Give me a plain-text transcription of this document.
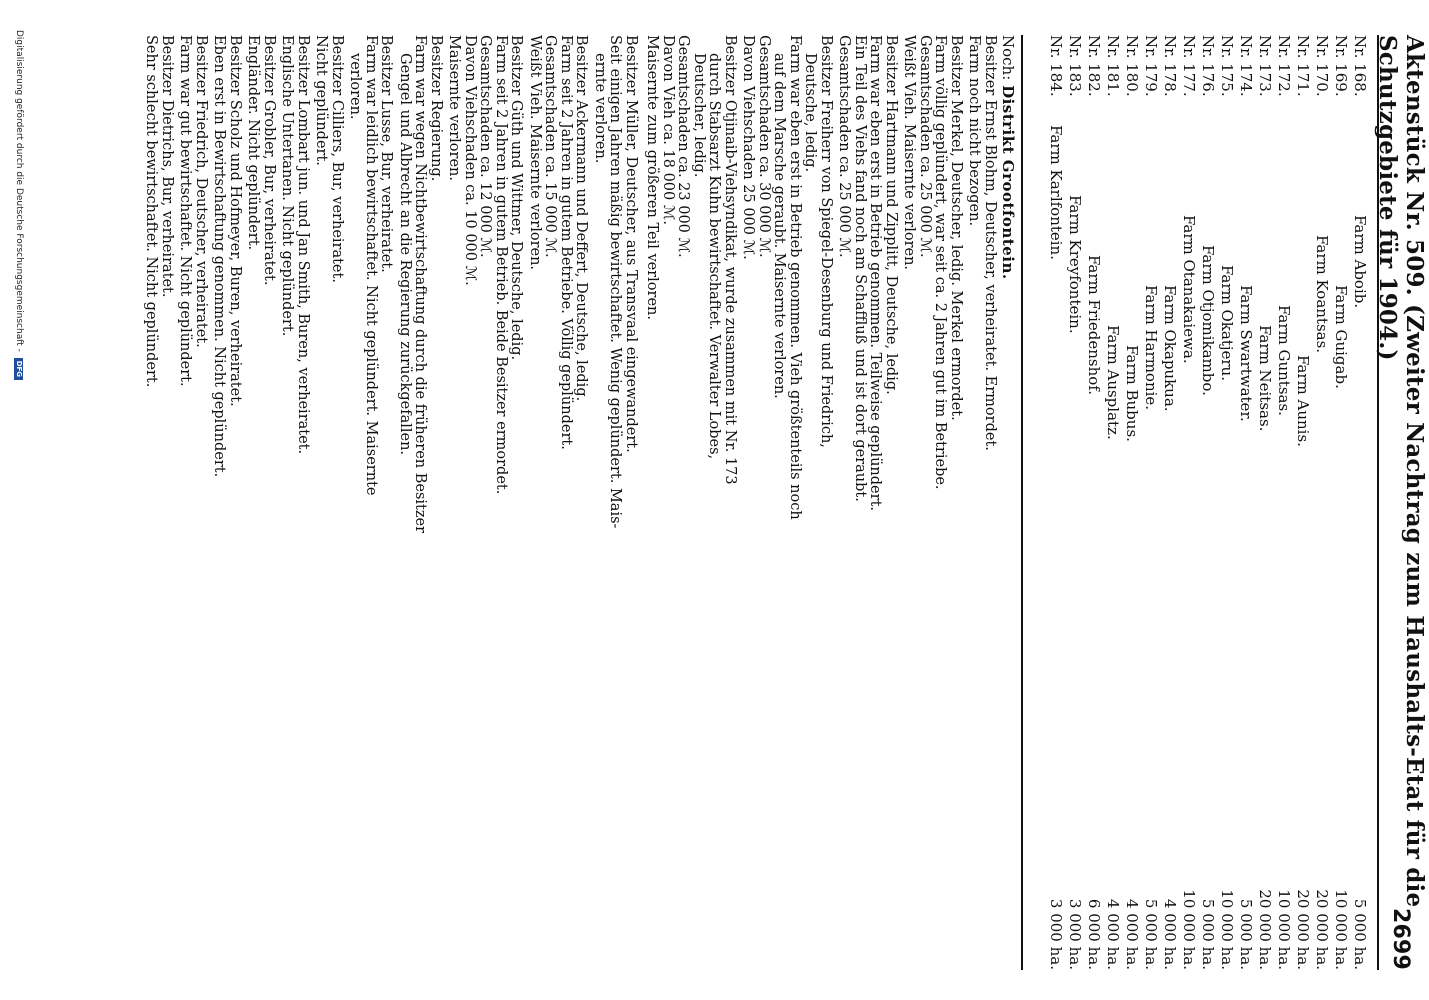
Aktenstück Nr. 509. (Zweiter Nachtrag zum Haushalts-Etat für die Schutzgebiete für 1904.)
2699
Nr. 168.
Farm Aboib.
5 000 ha.
Nr. 169.
Farm Guigab.
10 000 ha.
Nr. 170.
Farm Koantsas.
20 000 ha.
Nr. 171.
Farm Aunis.
20 000 ha.
Nr. 172.
Farm Guntsas.
10 000 ha.
Nr. 173.
Farm Neitsas.
20 000 ha.
Nr. 174.
Farm Swartwater.
5 000 ha.
Nr. 175.
Farm Okatjeru.
10 000 ha.
Nr. 176.
Farm Otjomikambo.
5 000 ha.
Nr. 177.
Farm Otanakaiewa.
10 000 ha.
Nr. 178.
Farm Okapukua.
4 000 ha.
Nr. 179.
Farm Harmonie.
5 000 ha.
Nr. 180.
Farm Bubus.
4 000 ha.
Nr. 181.
Farm Ausplatz.
4 000 ha.
Nr. 182.
Farm Friedenshof.
6 000 ha.
Nr. 183.
Farm Kreyfontein.
3 000 ha.
Nr. 184.
Farm Karlfontein.
3 000 ha.
Noch: Distrikt Grootfontein.
Besitzer Ernst Blohm, Deutscher, verheiratet. Ermordet.
Farm noch nicht bezogen.
Besitzer Merkel, Deutscher, ledig. Merkel ermordet.
Farm völlig geplündert, war seit ca. 2 Jahren gut im Betriebe.
Gesamtschaden ca. 25 000 ℳ.
Weißt Vieh. Maisernte verloren.
Besitzer Hartmann und Zipplitt, Deutsche, ledig.
Farm war eben erst in Betrieb genommen. Teilweise geplündert.
Ein Teil des Viehs fand noch am Schaffluß und ist dort geraubt.
Gesamtschaden ca. 25 000 ℳ.
Besitzer Freiherr von Spiegel-Desenburg und Friedrich,
Deutsche, ledig.
Farm war eben erst in Betrieb genommen. Vieh größtenteils noch
auf dem Marsche geraubt. Maisernte verloren.
Gesamtschaden ca. 30 000 ℳ.
Davon Viehschaden 25 000 ℳ.
Besitzer Otjinaib-Viehsyndikat, wurde zusammen mit Nr. 173
durch Stabsarzt Kuhn bewirtschaftet. Verwalter Lobes,
Deutscher, ledig.
Gesamtschaden ca. 23 000 ℳ.
Davon Vieh ca. 18 000 ℳ.
Maisernte zum größeren Teil verloren.
Besitzer Müller, Deutscher, aus Transvaal eingewandert.
Seit einigen Jahren mäßig bewirtschaftet. Wenig geplündert. Mais-
ernte verloren.
Besitzer Ackermann und Deffert, Deutsche, ledig.
Farm seit 2 Jahren in gutem Betriebe. Völlig geplündert.
Gesamtschaden ca. 15 000 ℳ.
Weißt Vieh. Maisernte verloren.
Besitzer Güth und Wittmer, Deutsche, ledig.
Farm seit 2 Jahren in gutem Betrieb. Beide Besitzer ermordet.
Gesamtschaden ca. 12 000 ℳ.
Davon Viehschaden ca. 10 000 ℳ.
Maisernte verloren.
Besitzer Regierung.
Farm war wegen Nichtbewirtschaftung durch die früheren Besitzer
Gengel und Albrecht an die Regierung zurückgefallen.
Besitzer Lusse, Bur, verheiratet.
Farm war leidlich bewirtschaftet. Nicht geplündert. Maisernte
verloren.
Besitzer Cilliers, Bur, verheiratet.
Nicht geplündert.
Besitzer Lombart jun. und Jan Smith, Buren, verheiratet.
Englische Untertanen. Nicht geplündert.
Besitzer Grobler, Bur, verheiratet.
Engländer. Nicht geplündert.
Besitzer Scholz und Hofmeyer, Buren, verheiratet.
Eben erst in Bewirtschaftung genommen. Nicht geplündert.
Besitzer Friedrich, Deutscher, verheiratet.
Farm war gut bewirtschaftet. Nicht geplündert.
Besitzer Dietrichs, Bur, verheiratet.
Sehr schlecht bewirtschaftet. Nicht geplündert.
Digitalisierung gefördert durch die Deutsche Forschungsgemeinschaft -
DFG
